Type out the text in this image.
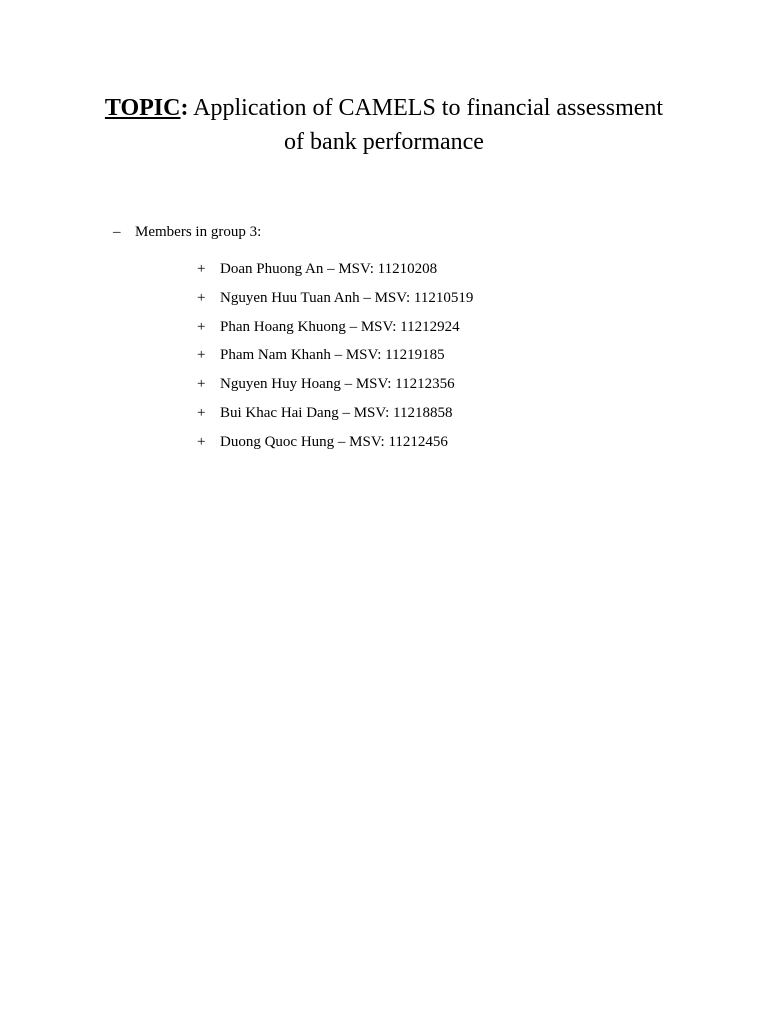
TOPIC: Application of CAMELS to financial assessment
of bank performance
– Members in group 3:
+ Doan Phuong An – MSV: 11210208
+ Nguyen Huu Tuan Anh – MSV: 11210519
+ Phan Hoang Khuong – MSV: 11212924
+ Pham Nam Khanh – MSV: 11219185
+ Nguyen Huy Hoang – MSV: 11212356
+ Bui Khac Hai Dang – MSV: 11218858
+ Duong Quoc Hung – MSV: 11212456
